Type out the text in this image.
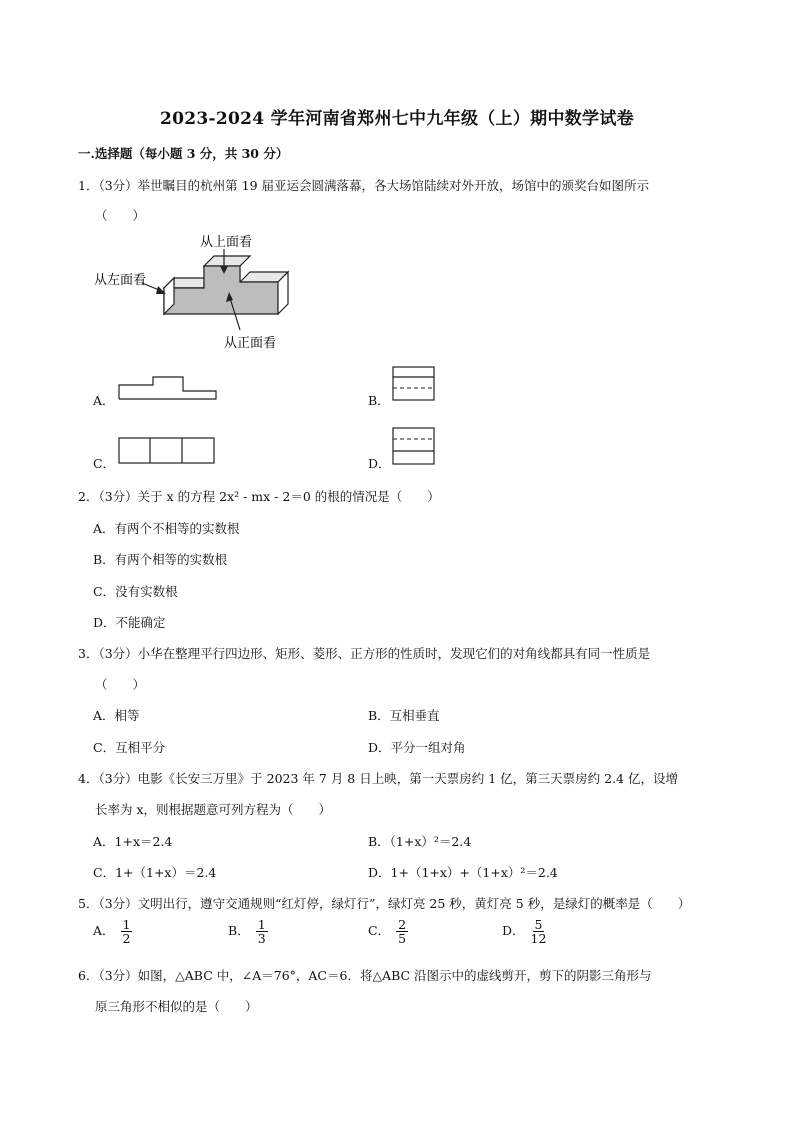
2023-2024 学年河南省郑州七中九年级（上）期中数学试卷
一.选择题（每小题 3 分，共 30 分）
1．（3分）举世瞩目的杭州第 19 届亚运会圆满落幕，各大场馆陆续对外开放，场馆中的颁奖台如图所示
（　　）
从上面看
从左面看
从正面看
A．	B．
C．	D．
2．（3分）关于 x 的方程 2x² - mx - 2＝0 的根的情况是（　　）
A．有两个不相等的实数根
B．有两个相等的实数根
C．没有实数根
D．不能确定
3．（3分）小华在整理平行四边形、矩形、菱形、正方形的性质时，发现它们的对角线都具有同一性质是
（　　）
A．相等	B．互相垂直
C．互相平分	D．平分一组对角
4．（3分）电影《长安三万里》于 2023 年 7 月 8 日上映，第一天票房约 1 亿，第三天票房约 2.4 亿，设增
长率为 x，则根据题意可列方程为（　　）
A．1+x＝2.4	B．（1+x）²＝2.4
C．1+（1+x）＝2.4	D．1+（1+x）+（1+x）²＝2.4
5．（3分）文明出行，遵守交通规则“红灯停，绿灯行”，绿灯亮 25 秒，黄灯亮 5 秒，是绿灯的概率是（　　）
A． $\frac{1}{2}$	B． $\frac{1}{3}$	C． $\frac{2}{5}$	D． $\frac{5}{12}$
6．（3分）如图，△ABC 中，∠A＝76°，AC＝6．将△ABC 沿图示中的虚线剪开，剪下的阴影三角形与
原三角形不相似的是（　　）
